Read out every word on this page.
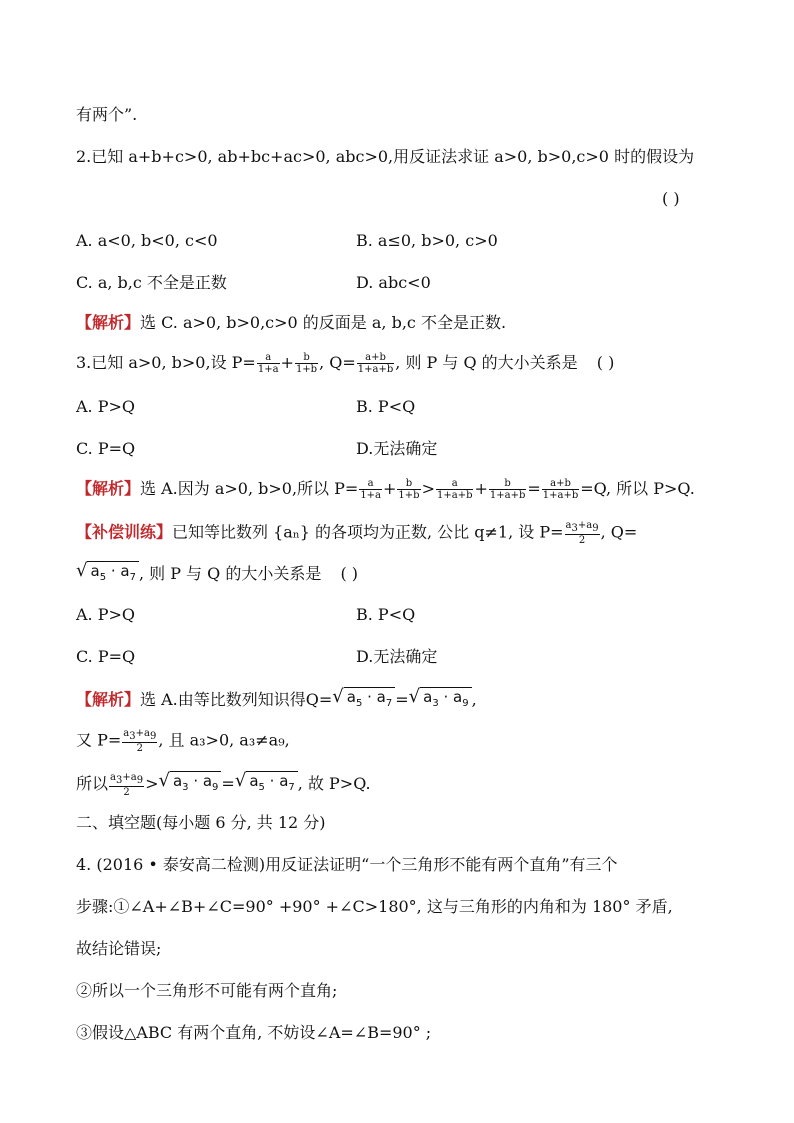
有两个”.
2.已知 a+b+c>0, ab+bc+ac>0, abc>0,用反证法求证 a>0, b>0,c>0 时的假设为
( )
A. a<0, b<0, c<0	B. a≤0, b>0, c>0
C. a, b,c 不全是正数	D. abc<0
【解析】选 C. a>0, b>0,c>0 的反面是 a, b,c 不全是正数.
3.已知 a>0, b>0,设 $P= \frac{a}{1+a} + \frac{b}{1+b}$ , $Q= \frac{a+b}{1+a+b}$ , 则 P 与 Q 的大小关系是 ( )
A. P>Q	B. P<Q
C. P=Q	D.无法确定
【解析】选 A.因为 a>0, b>0,所以 $P= \frac{a}{1+a} + \frac{b}{1+b} > \frac{a}{1+a+b} + \frac{b}{1+a+b} = \frac{a+b}{1+a+b} =Q$, 所以 P>Q.
【补偿训练】已知等比数列 {aₙ} 的各项均为正数, 公比 q≠1, 设 $P= \frac{a_3+a_9}{2}$ , Q=
√ $a_5 \cdot a_7$ , 则 P 与 Q 的大小关系是 ( )
A. P>Q	B. P<Q
C. P=Q	D.无法确定
【解析】选 A.由等比数列知识得Q=√ $a_5 \cdot a_7$ =√ $a_3 \cdot a_9$ ,
又 $P= \frac{a_3+a_9}{2}$ , 且 a₃>0, a₃≠a₉,
所以 $\frac{a_3+a_9}{2}$ >√ $a_3 \cdot a_9$ =√ $a_5 \cdot a_7$ , 故 P>Q.
二、填空题(每小题 6 分, 共 12 分)
4. (2016 • 泰安高二检测)用反证法证明“一个三角形不能有两个直角”有三个
步骤:①∠A+∠B+∠C=90° +90° +∠C>180°, 这与三角形的内角和为 180° 矛盾,
故结论错误;
②所以一个三角形不可能有两个直角;
③假设△ABC 有两个直角, 不妨设∠A=∠B=90° ;
